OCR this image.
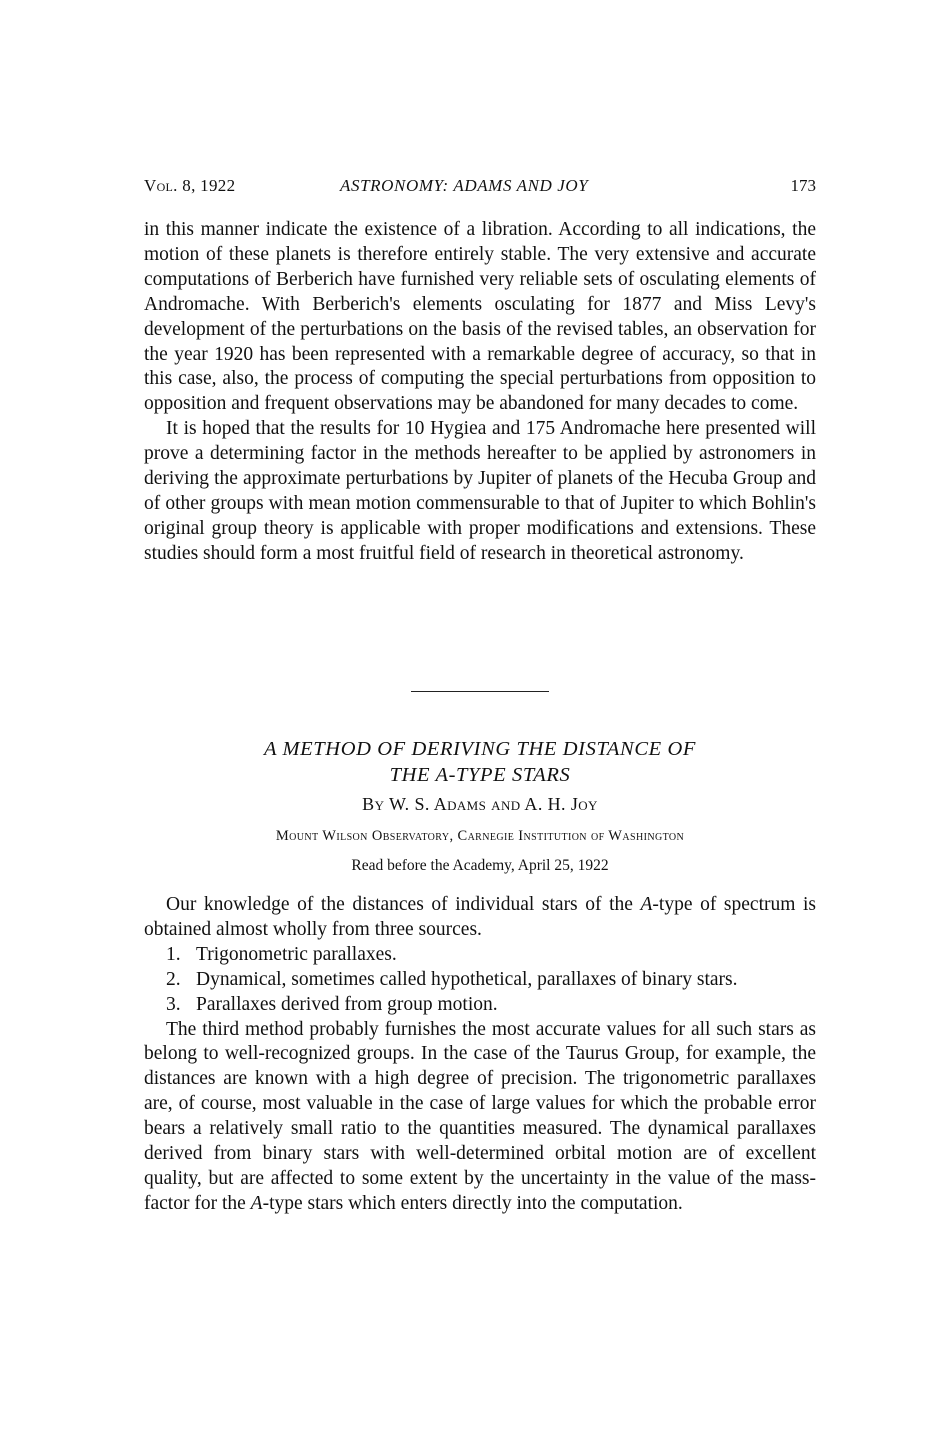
Vol. 8, 1922	ASTRONOMY: ADAMS AND JOY	173

in this manner indicate the existence of a libration. According to all indications, the motion of these planets is therefore entirely stable. The very extensive and accurate computations of Berberich have furnished very reliable sets of osculating elements of Andromache. With Berberich's elements osculating for 1877 and Miss Levy's development of the perturbations on the basis of the revised tables, an observation for the year 1920 has been represented with a remarkable degree of accuracy, so that in this case, also, the process of computing the special perturbations from opposition to opposition and frequent observations may be abandoned for many decades to come.

It is hoped that the results for 10 Hygiea and 175 Andromache here presented will prove a determining factor in the methods hereafter to be applied by astronomers in deriving the approximate perturbations by Jupiter of planets of the Hecuba Group and of other groups with mean motion commensurable to that of Jupiter to which Bohlin's original group theory is applicable with proper modifications and extensions. These studies should form a most fruitful field of research in theoretical astronomy.

A METHOD OF DERIVING THE DISTANCE OF
THE A-TYPE STARS
By W. S. Adams and A. H. Joy
Mount Wilson Observatory, Carnegie Institution of Washington
Read before the Academy, April 25, 1922

Our knowledge of the distances of individual stars of the A-type of spectrum is obtained almost wholly from three sources.

1. Trigonometric parallaxes.

2. Dynamical, sometimes called hypothetical, parallaxes of binary stars.

3. Parallaxes derived from group motion.

The third method probably furnishes the most accurate values for all such stars as belong to well-recognized groups. In the case of the Taurus Group, for example, the distances are known with a high degree of precision. The trigonometric parallaxes are, of course, most valuable in the case of large values for which the probable error bears a relatively small ratio to the quantities measured. The dynamical parallaxes derived from binary stars with well-determined orbital motion are of excellent quality, but are affected to some extent by the uncertainty in the value of the mass-factor for the A-type stars which enters directly into the computation.
